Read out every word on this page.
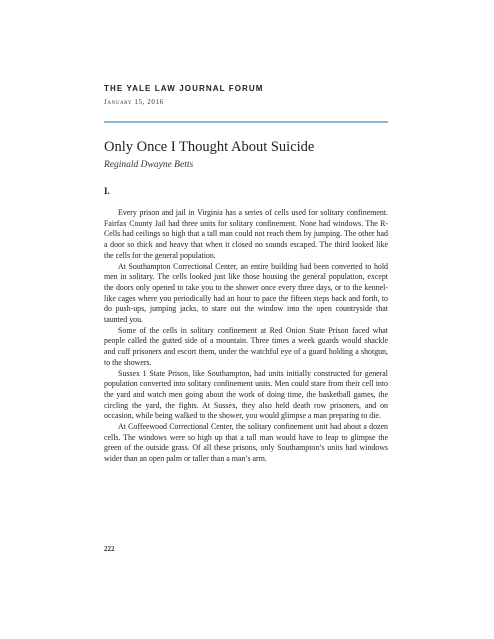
THE YALE LAW JOURNAL FORUM
January 15, 2016
Only Once I Thought About Suicide
Reginald Dwayne Betts
I.

Every prison and jail in Virginia has a series of cells used for solitary confinement. Fairfax County Jail had three units for solitary confinement. None had windows. The R-Cells had ceilings so high that a tall man could not reach them by jumping. The other had a door so thick and heavy that when it closed no sounds escaped. The third looked like the cells for the general population.

At Southampton Correctional Center, an entire building had been converted to hold men in solitary. The cells looked just like those housing the general population, except the doors only opened to take you to the shower once every three days, or to the kennel-like cages where you periodically had an hour to pace the fifteen steps back and forth, to do push-ups, jumping jacks, to stare out the window into the open countryside that taunted you.

Some of the cells in solitary confinement at Red Onion State Prison faced what people called the gutted side of a mountain. Three times a week guards would shackle and cuff prisoners and escort them, under the watchful eye of a guard holding a shotgun, to the showers.

Sussex 1 State Prison, like Southampton, had units initially constructed for general population converted into solitary confinement units. Men could stare from their cell into the yard and watch men going about the work of doing time, the basketball games, the circling the yard, the fights. At Sussex, they also held death row prisoners, and on occasion, while being walked to the shower, you would glimpse a man preparing to die.

At Coffeewood Correctional Center, the solitary confinement unit had about a dozen cells. The windows were so high up that a tall man would have to leap to glimpse the green of the outside grass. Of all these prisons, only Southampton’s units had windows wider than an open palm or taller than a man’s arm.

222
